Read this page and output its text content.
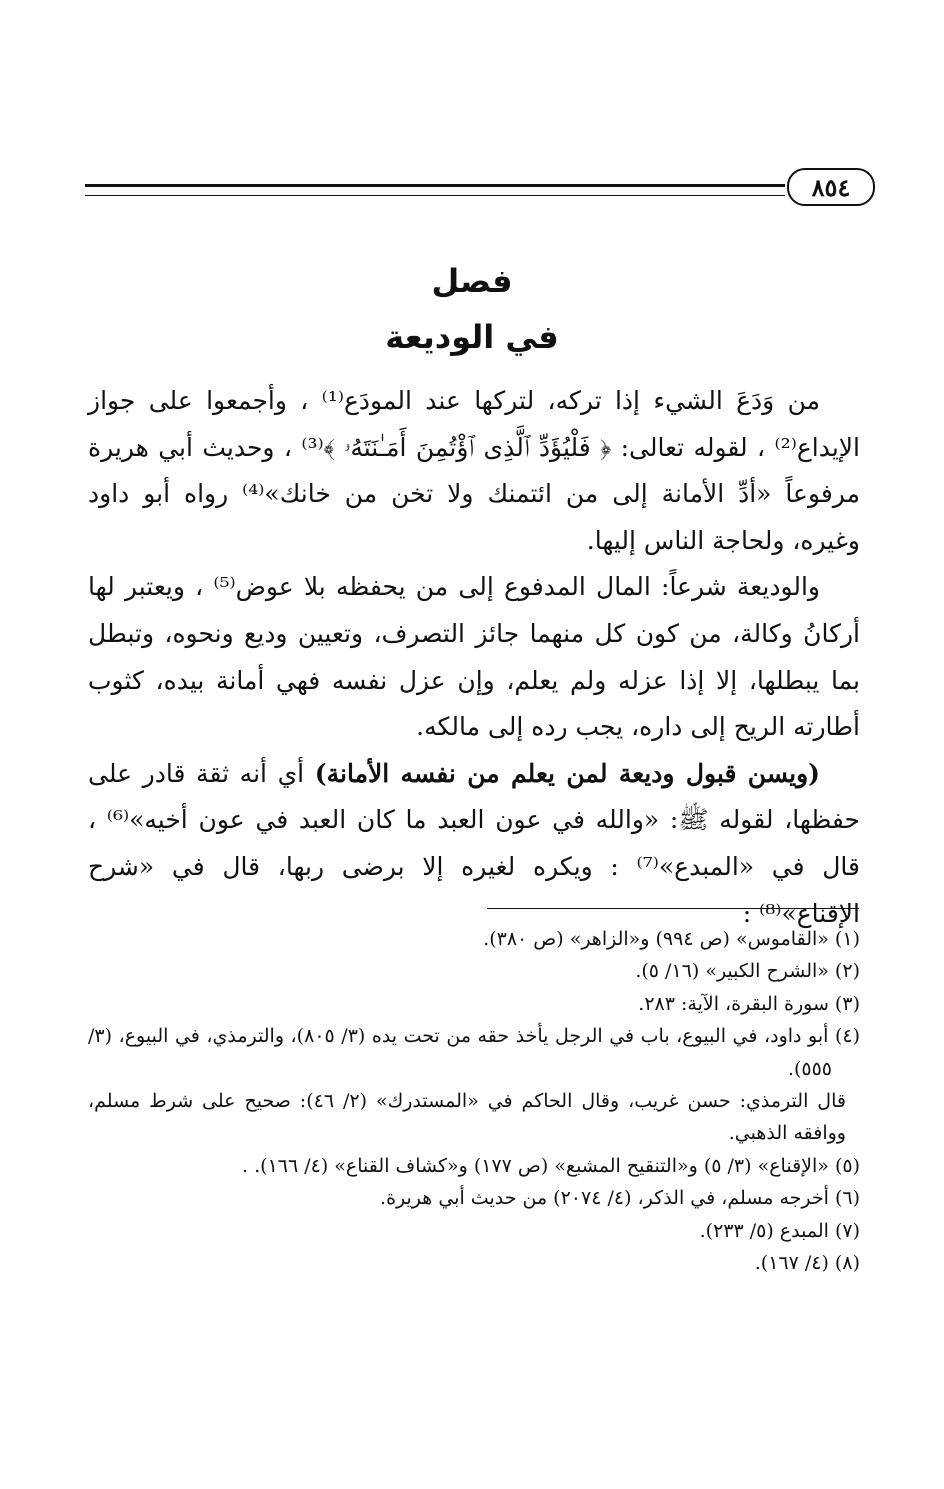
٨٥٤
فصل
في الوديعة

من وَدَعَ الشيء إذا تركه، لتركها عند المودَع⁽¹⁾ ، وأجمعوا على جواز الإيداع⁽²⁾ ، لقوله تعالى: ﴿ فَلْيُؤَدِّ ٱلَّذِى ٱؤْتُمِنَ أَمَـٰنَتَهُۥ ﴾⁽³⁾ ، وحديث أبي هريرة مرفوعاً «أدِّ الأمانة إلى من ائتمنك ولا تخن من خانك»⁽⁴⁾ رواه أبو داود وغيره، ولحاجة الناس إليها.

والوديعة شرعاً: المال المدفوع إلى من يحفظه بلا عوض⁽⁵⁾ ، ويعتبر لها أركانُ وكالة، من كون كل منهما جائز التصرف، وتعيين وديع ونحوه، وتبطل بما يبطلها، إلا إذا عزله ولم يعلم، وإن عزل نفسه فهي أمانة بيده، كثوب أطارته الريح إلى داره، يجب رده إلى مالكه.

(ويسن قبول وديعة لمن يعلم من نفسه الأمانة) أي أنه ثقة قادر على حفظها، لقوله ﷺ: «والله في عون العبد ما كان العبد في عون أخيه»⁽⁶⁾ ، قال في «المبدع»⁽⁷⁾ : ويكره لغيره إلا برضى ربها، قال في «شرح الإقناع»⁽⁸⁾ :

(١) «القاموس» (ص ٩٩٤) و«الزاهر» (ص ٣٨٠).

(٢) «الشرح الكبير» (١٦/ ٥).

(٣) سورة البقرة، الآية: ٢٨٣.

(٤) أبو داود، في البيوع، باب في الرجل يأخذ حقه من تحت يده (٣/ ٨٠٥)، والترمذي، في البيوع، (٣/ ٥٥٥).

قال الترمذي: حسن غريب، وقال الحاكم في «المستدرك» (٢/ ٤٦): صحيح على شرط مسلم، ووافقه الذهبي.

(٥) «الإقناع» (٣/ ٥) و«التنقيح المشبع» (ص ١٧٧) و«كشاف القناع» (٤/ ١٦٦). .

(٦) أخرجه مسلم، في الذكر، (٤/ ٢٠٧٤) من حديث أبي هريرة.

(٧) المبدع (٥/ ٢٣٣).

(٨) (٤/ ١٦٧).
